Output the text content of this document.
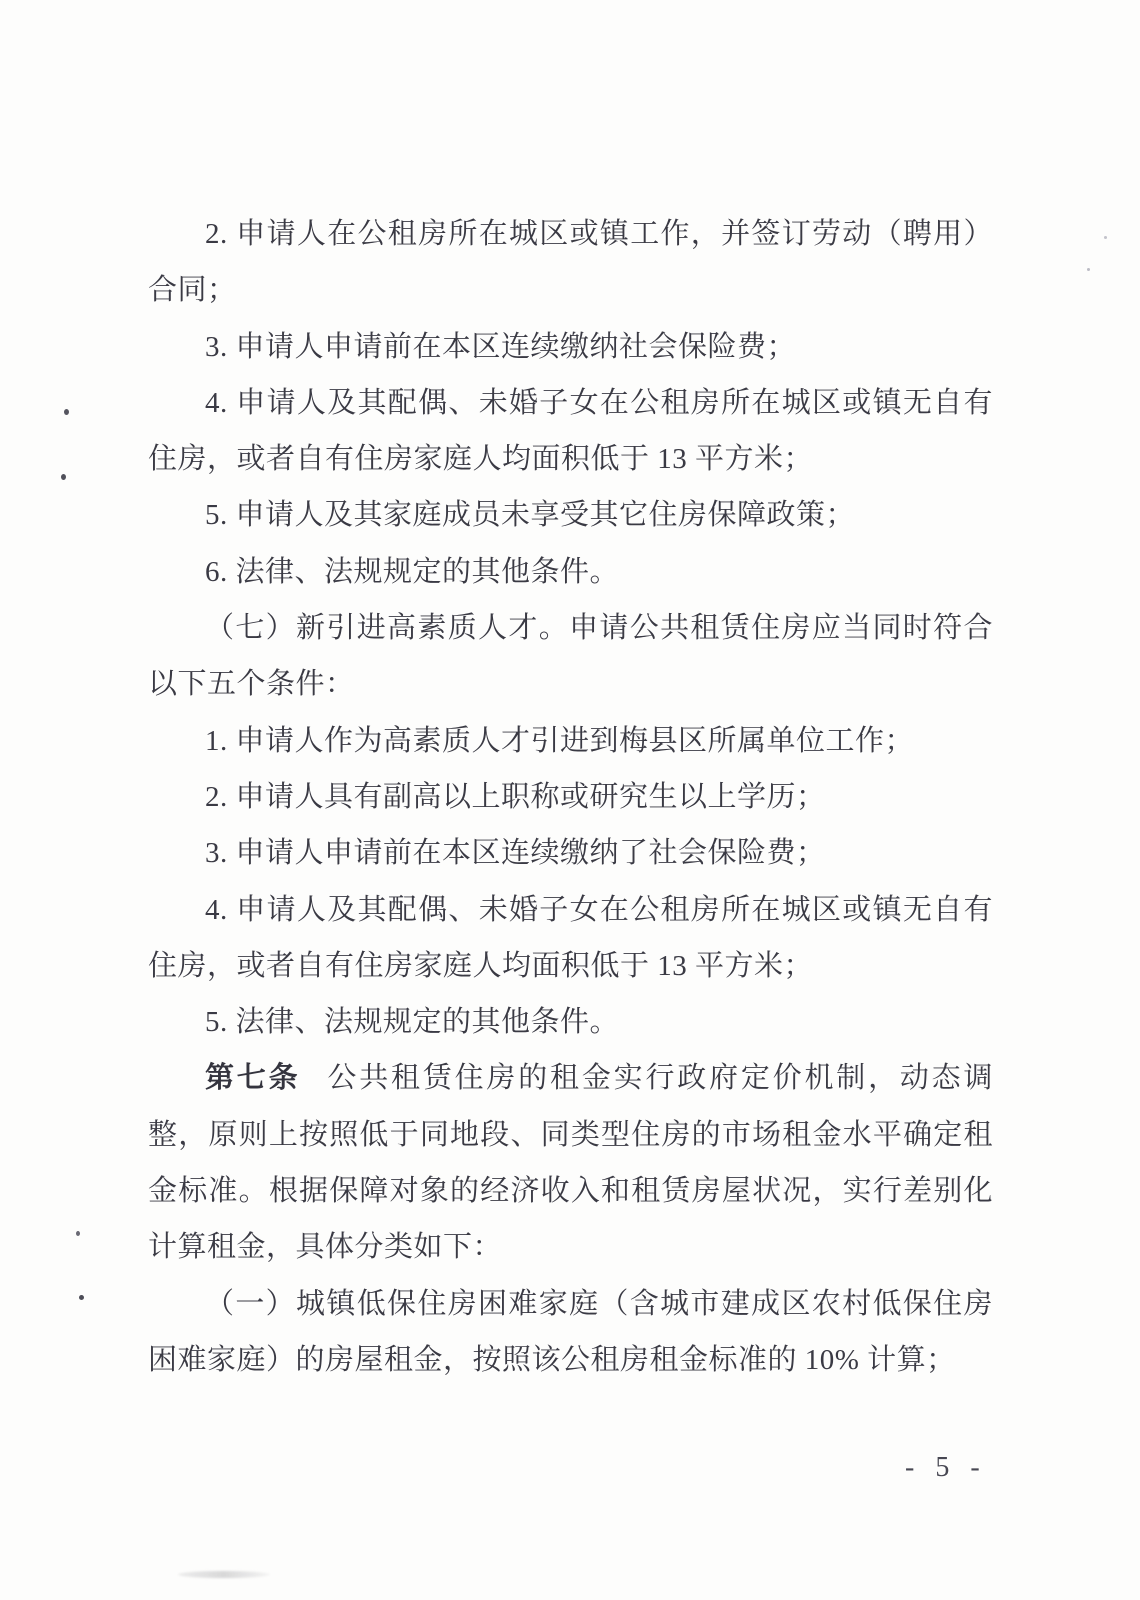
2. 申请人在公租房所在城区或镇工作，并签订劳动（聘用）
合同；
3. 申请人申请前在本区连续缴纳社会保险费；
4. 申请人及其配偶、未婚子女在公租房所在城区或镇无自有
住房，或者自有住房家庭人均面积低于 13 平方米；
5. 申请人及其家庭成员未享受其它住房保障政策；
6. 法律、法规规定的其他条件。
（七）新引进高素质人才。申请公共租赁住房应当同时符合
以下五个条件：
1. 申请人作为高素质人才引进到梅县区所属单位工作；
2. 申请人具有副高以上职称或研究生以上学历；
3. 申请人申请前在本区连续缴纳了社会保险费；
4. 申请人及其配偶、未婚子女在公租房所在城区或镇无自有
住房，或者自有住房家庭人均面积低于 13 平方米；
5. 法律、法规规定的其他条件。
第七条 公共租赁住房的租金实行政府定价机制，动态调
整，原则上按照低于同地段、同类型住房的市场租金水平确定租
金标准。根据保障对象的经济收入和租赁房屋状况，实行差别化
计算租金，具体分类如下：
（一）城镇低保住房困难家庭（含城市建成区农村低保住房
困难家庭）的房屋租金，按照该公租房租金标准的 10% 计算；
- 5 -
